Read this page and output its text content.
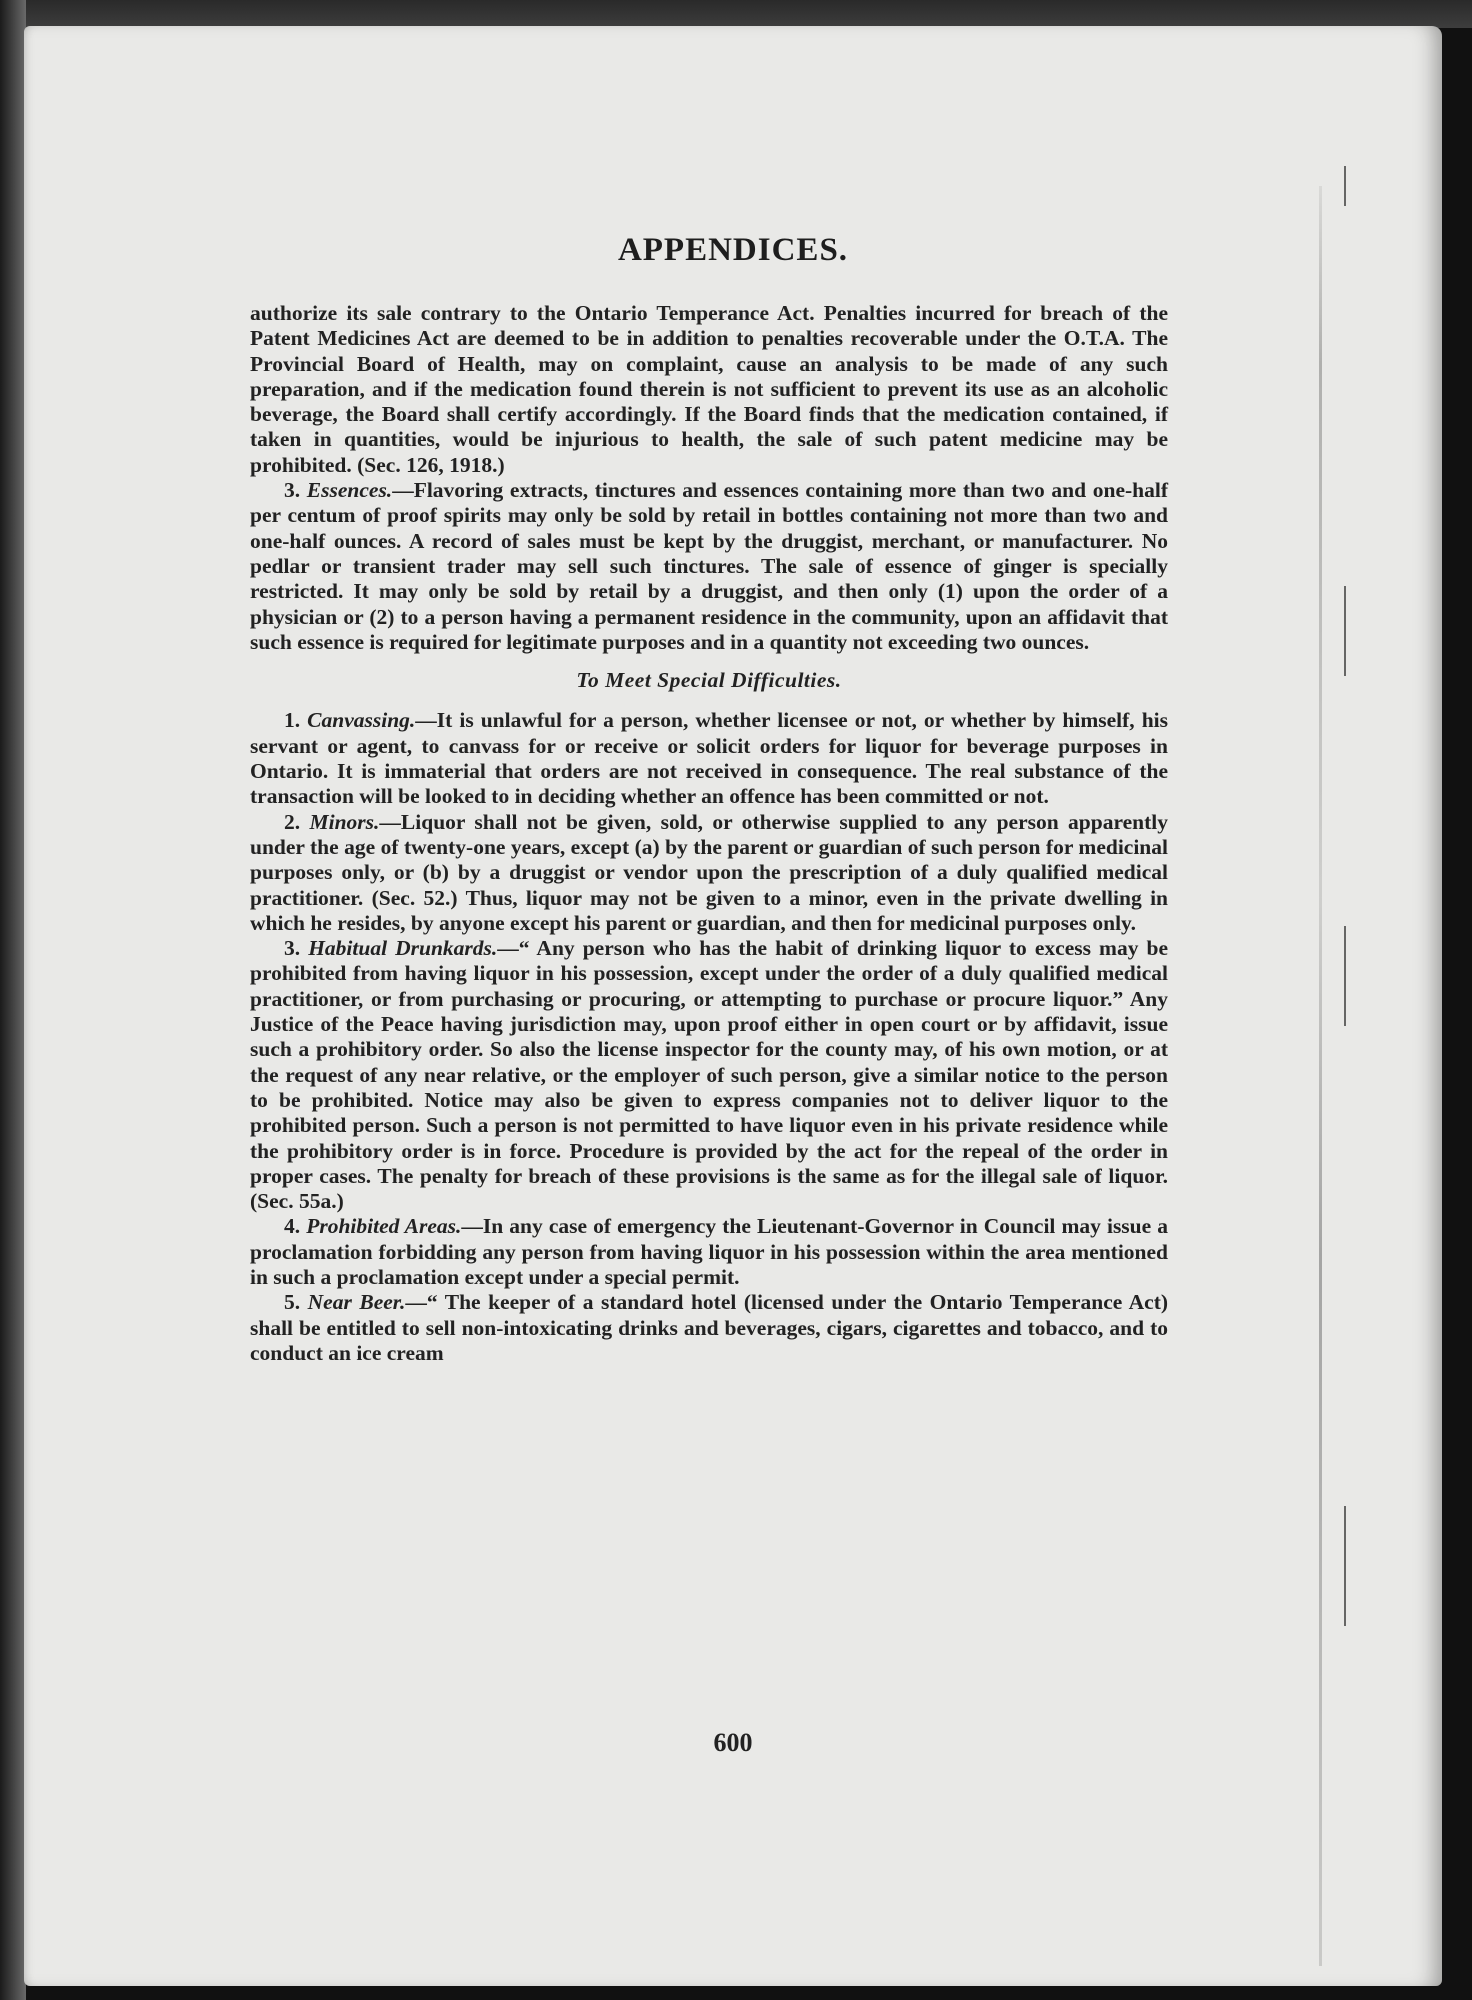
APPENDICES.

authorize its sale contrary to the Ontario Temperance Act. Penalties incurred for breach of the Patent Medicines Act are deemed to be in addition to penalties recoverable under the O.T.A. The Provincial Board of Health, may on complaint, cause an analysis to be made of any such preparation, and if the medication found therein is not sufficient to prevent its use as an alcoholic beverage, the Board shall certify accordingly. If the Board finds that the medication contained, if taken in quantities, would be injurious to health, the sale of such patent medicine may be prohibited. (Sec. 126, 1918.)

3. Essences.—Flavoring extracts, tinctures and essences containing more than two and one-half per centum of proof spirits may only be sold by retail in bottles containing not more than two and one-half ounces. A record of sales must be kept by the druggist, merchant, or manufacturer. No pedlar or transient trader may sell such tinctures. The sale of essence of ginger is specially restricted. It may only be sold by retail by a druggist, and then only (1) upon the order of a physician or (2) to a person having a permanent residence in the community, upon an affidavit that such essence is required for legitimate purposes and in a quantity not exceeding two ounces.

To Meet Special Difficulties.

1. Canvassing.—It is unlawful for a person, whether licensee or not, or whether by himself, his servant or agent, to canvass for or receive or solicit orders for liquor for beverage purposes in Ontario. It is immaterial that orders are not received in consequence. The real substance of the transaction will be looked to in deciding whether an offence has been committed or not.

2. Minors.—Liquor shall not be given, sold, or otherwise supplied to any person apparently under the age of twenty-one years, except (a) by the parent or guardian of such person for medicinal purposes only, or (b) by a druggist or vendor upon the prescription of a duly qualified medical practitioner. (Sec. 52.) Thus, liquor may not be given to a minor, even in the private dwelling in which he resides, by anyone except his parent or guardian, and then for medicinal purposes only.

3. Habitual Drunkards.—“ Any person who has the habit of drinking liquor to excess may be prohibited from having liquor in his possession, except under the order of a duly qualified medical practitioner, or from purchasing or procuring, or attempting to purchase or procure liquor.” Any Justice of the Peace having jurisdiction may, upon proof either in open court or by affidavit, issue such a prohibitory order. So also the license inspector for the county may, of his own motion, or at the request of any near relative, or the employer of such person, give a similar notice to the person to be prohibited. Notice may also be given to express companies not to deliver liquor to the prohibited person. Such a person is not permitted to have liquor even in his private residence while the prohibitory order is in force. Procedure is provided by the act for the repeal of the order in proper cases. The penalty for breach of these provisions is the same as for the illegal sale of liquor. (Sec. 55a.)

4. Prohibited Areas.—In any case of emergency the Lieutenant-Governor in Council may issue a proclamation forbidding any person from having liquor in his possession within the area mentioned in such a proclamation except under a special permit.

5. Near Beer.—“ The keeper of a standard hotel (licensed under the Ontario Temperance Act) shall be entitled to sell non-intoxicating drinks and beverages, cigars, cigarettes and tobacco, and to conduct an ice cream

600
